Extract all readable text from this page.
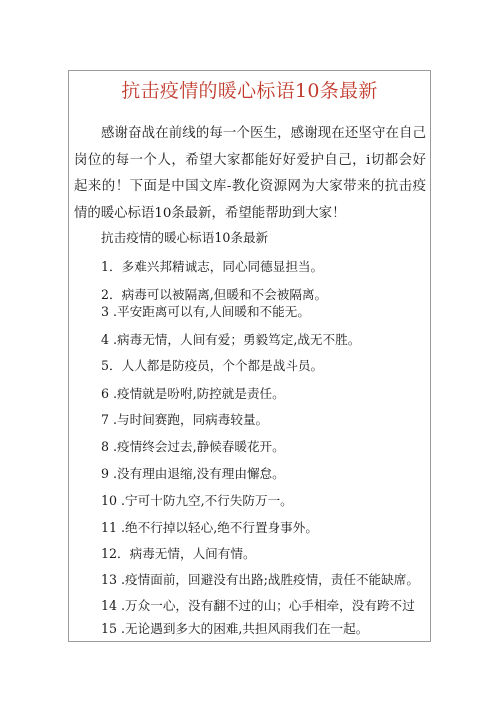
抗击疫情的暖心标语10条最新

感谢奋战在前线的每一个医生，感谢现在还坚守在自己岗位的每一个人，希望大家都能好好爱护自己，i切都会好起来的！下面是中国文库-教化资源网为大家带来的抗击疫情的暖心标语10条最新，希望能帮助到大家！

抗击疫情的暖心标语10条最新

1．多难兴邦精诚志，同心同德显担当。
2．病毒可以被隔离,但暖和不会被隔离。
3 .平安距离可以有,人间暖和不能无。
4 .病毒无情，人间有爱；勇毅笃定,战无不胜。
5．人人都是防疫员，个个都是战斗员。
6 .疫情就是吩咐,防控就是责任。
7 .与时间赛跑，同病毒较量。
8 .疫情终会过去,静候春暖花开。
9 .没有理由退缩,没有理由懈怠。
10 .宁可十防九空,不行失防万一。
11 .绝不行掉以轻心,绝不行置身事外。
12．病毒无情，人间有情。
13 .疫情面前，回避没有出路;战胜疫情，责任不能缺席。
14 .万众一心，没有翻不过的山；心手相牵，没有跨不过
15 .无论遇到多大的困难,共担风雨我们在一起。
